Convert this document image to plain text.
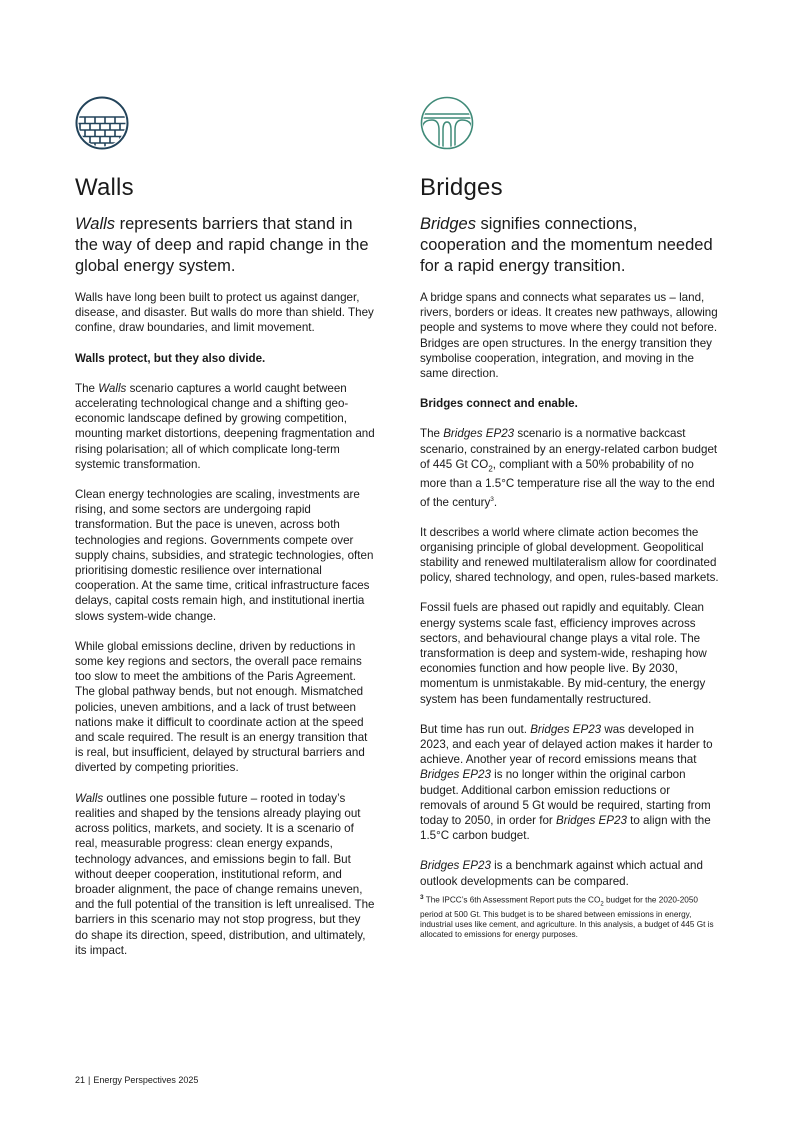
Walls

Walls represents barriers that stand in the way of deep and rapid change in the global energy system.

Walls have long been built to protect us against danger, disease, and disaster. But walls do more than shield. They confine, draw boundaries, and limit movement.

Walls protect, but they also divide.

The Walls scenario captures a world caught between accelerating technological change and a shifting geo-economic landscape defined by growing competition, mounting market distortions, deepening fragmentation and rising polarisation; all of which complicate long-term systemic transformation.

Clean energy technologies are scaling, investments are rising, and some sectors are undergoing rapid transformation. But the pace is uneven, across both technologies and regions. Governments compete over supply chains, subsidies, and strategic technologies, often prioritising domestic resilience over international cooperation. At the same time, critical infrastructure faces delays, capital costs remain high, and institutional inertia slows system-wide change.

While global emissions decline, driven by reductions in some key regions and sectors, the overall pace remains too slow to meet the ambitions of the Paris Agreement. The global pathway bends, but not enough. Mismatched policies, uneven ambitions, and a lack of trust between nations make it difficult to coordinate action at the speed and scale required. The result is an energy transition that is real, but insufficient, delayed by structural barriers and diverted by competing priorities.

Walls outlines one possible future – rooted in today’s realities and shaped by the tensions already playing out across politics, markets, and society. It is a scenario of real, measurable progress: clean energy expands, technology advances, and emissions begin to fall. But without deeper cooperation, institutional reform, and broader alignment, the pace of change remains uneven, and the full potential of the transition is left unrealised. The barriers in this scenario may not stop progress, but they do shape its direction, speed, distribution, and ultimately, its impact.

Bridges

Bridges signifies connections, cooperation and the momentum needed for a rapid energy transition.

A bridge spans and connects what separates us – land, rivers, borders or ideas. It creates new pathways, allowing people and systems to move where they could not before. Bridges are open structures. In the energy transition they symbolise cooperation, integration, and moving in the same direction.

Bridges connect and enable.

The Bridges EP23 scenario is a normative backcast scenario, constrained by an energy-related carbon budget of 445 Gt $CO_2$, compliant with a 50% probability of no more than a 1.5°C temperature rise all the way to the end of the century$^3$.

It describes a world where climate action becomes the organising principle of global development. Geopolitical stability and renewed multilateralism allow for coordinated policy, shared technology, and open, rules-based markets.

Fossil fuels are phased out rapidly and equitably. Clean energy systems scale fast, efficiency improves across sectors, and behavioural change plays a vital role. The transformation is deep and system-wide, reshaping how economies function and how people live. By 2030, momentum is unmistakable. By mid-century, the energy system has been fundamentally restructured.

But time has run out. Bridges EP23 was developed in 2023, and each year of delayed action makes it harder to achieve. Another year of record emissions means that Bridges EP23 is no longer within the original carbon budget. Additional carbon emission reductions or removals of around 5 Gt would be required, starting from today to 2050, in order for Bridges EP23 to align with the 1.5°C carbon budget.

Bridges EP23 is a benchmark against which actual and outlook developments can be compared.

$^3$ The IPCC’s 6th Assessment Report puts the $CO_2$ budget for the 2020-2050 period at 500 Gt. This budget is to be shared between emissions in energy, industrial uses like cement, and agriculture. In this analysis, a budget of 445 Gt is allocated to emissions for energy purposes.
21 | Energy Perspectives 2025
